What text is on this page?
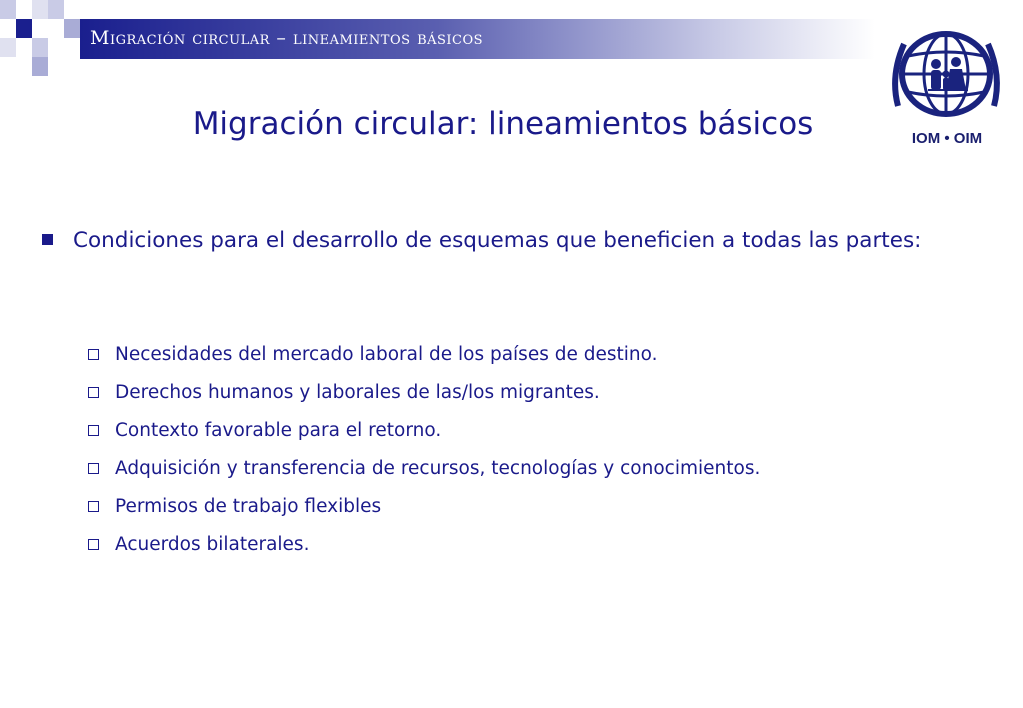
Migración circular – lineamientos básicos
IOM • OIM
Migración circular: lineamientos básicos
Condiciones para el desarrollo de esquemas que beneficien a todas las partes:
Necesidades del mercado laboral de los países de destino.
Derechos humanos y laborales de las/los migrantes.
Contexto favorable para el retorno.
Adquisición y transferencia de recursos, tecnologías y conocimientos.
Permisos de trabajo flexibles
Acuerdos bilaterales.
